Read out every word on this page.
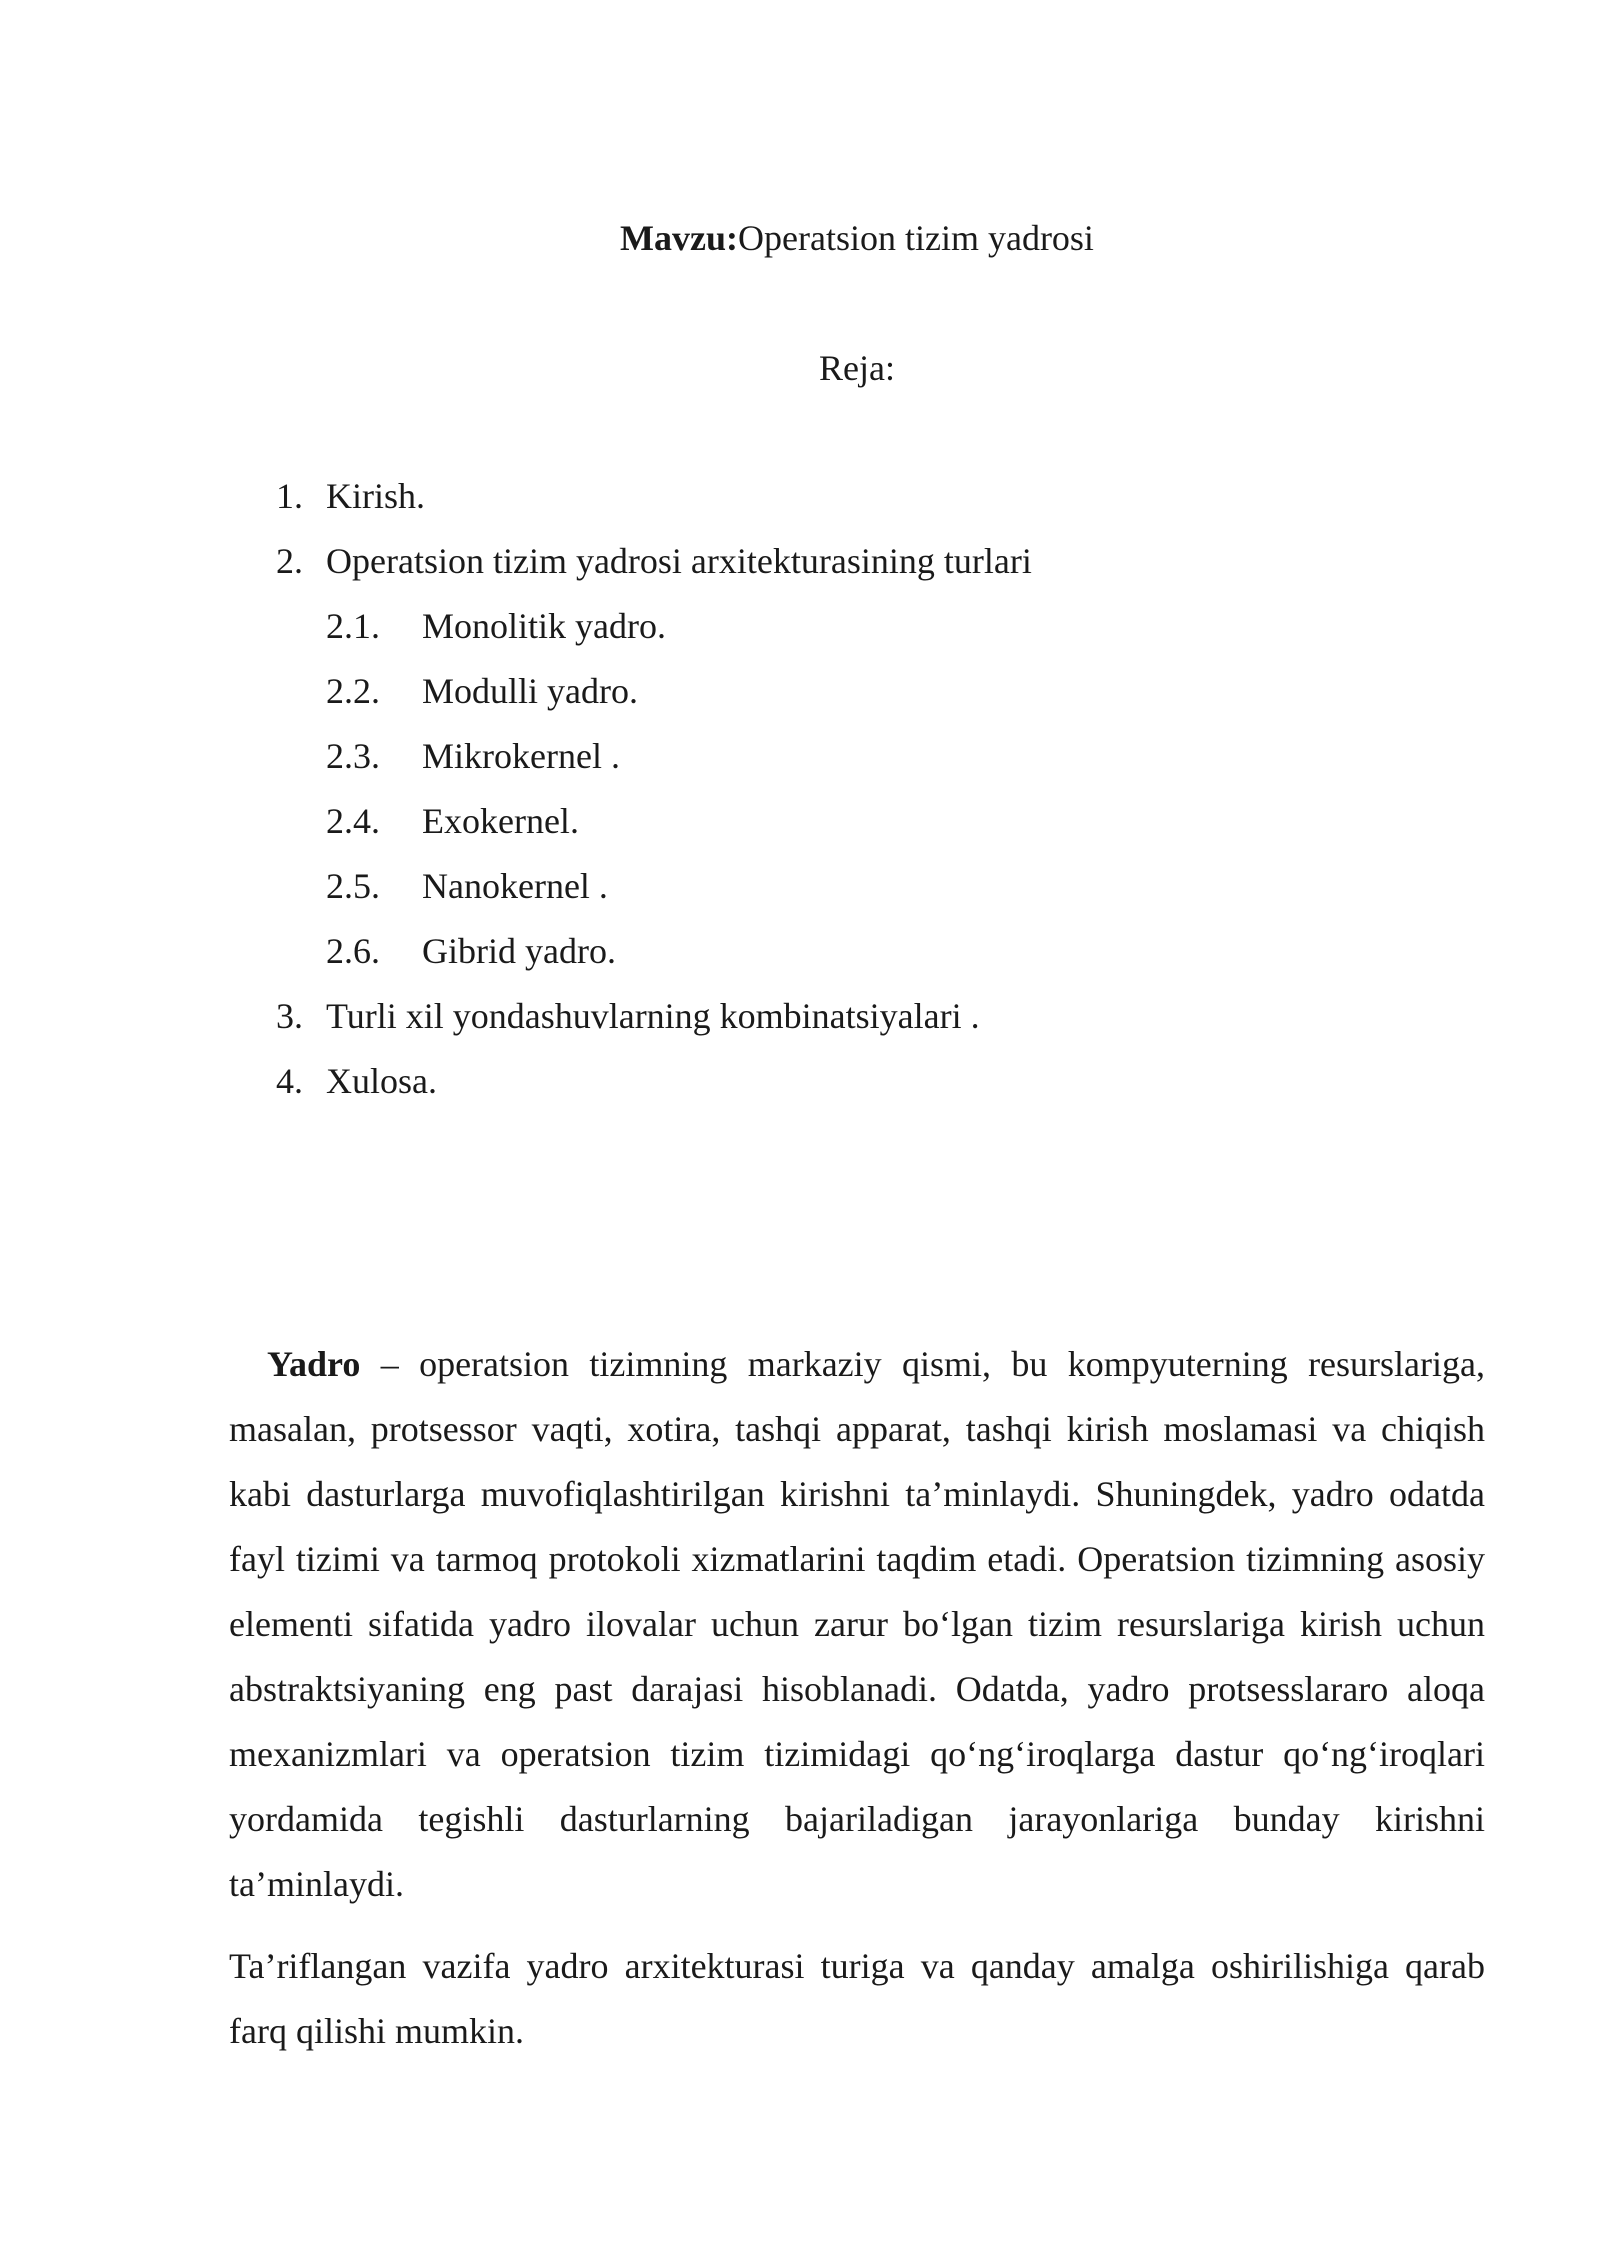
Mavzu:Operatsion tizim yadrosi
Reja:
1. Kirish.
2. Operatsion tizim yadrosi arxitekturasining turlari
2.1. Monolitik yadro.
2.2. Modulli yadro.
2.3. Mikrokernel .
2.4. Exokernel.
2.5. Nanokernel .
2.6. Gibrid yadro.
3. Turli xil yondashuvlarning kombinatsiyalari .
4. Xulosa.

Yadro – operatsion tizimning markaziy qismi, bu kompyuterning resurslariga, masalan, protsessor vaqti, xotira, tashqi apparat, tashqi kirish moslamasi va chiqish kabi dasturlarga muvofiqlashtirilgan kirishni ta’minlaydi. Shuningdek, yadro odatda fayl tizimi va tarmoq protokoli xizmatlarini taqdim etadi. Operatsion tizimning asosiy elementi sifatida yadro ilovalar uchun zarur bo‘lgan tizim resurslariga kirish uchun abstraktsiyaning eng past darajasi hisoblanadi. Odatda, yadro protsesslararo aloqa mexanizmlari va operatsion tizim tizimidagi qo‘ng‘iroqlarga dastur qo‘ng‘iroqlari yordamida tegishli dasturlarning bajariladigan jarayonlariga bunday kirishni ta’minlaydi.

Ta’riflangan vazifa yadro arxitekturasi turiga va qanday amalga oshirilishiga qarab farq qilishi mumkin.
